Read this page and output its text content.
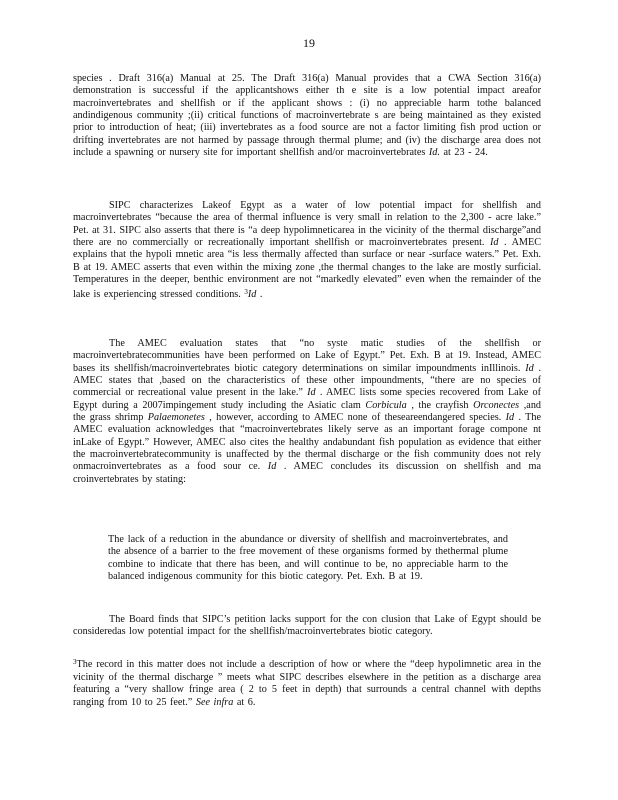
19
species . Draft 316(a) Manual at 25. The Draft 316(a) Manual provides that a CWA Section 316(a) demonstration is successful if the applicantshows either th e site is a low potential impact areafor macroinvertebrates and shellfish or if the applicant shows : (i) no appreciable harm tothe balanced andindigenous community ;(ii) critical functions of macroinvertebrate s are being maintained as they existed prior to introduction of heat; (iii) invertebrates as a food source are not a factor limiting fish prod uction or drifting invertebrates are not harmed by passage through thermal plume; and (iv) the discharge area does not include a spawning or nursery site for important shellfish and/or macroinvertebrates Id. at 23 - 24.
SIPC characterizes Lakeof Egypt as a water of low potential impact for shellfish and macroinvertebrates “because the area of thermal influence is very small in relation to the 2,300 - acre lake.” Pet. at 31. SIPC also asserts that there is “a deep hypolimneticarea in the vicinity of the thermal discharge”and there are no commercially or recreationally important shellfish or macroinvertebrates present. Id . AMEC explains that the hypoli mnetic area “is less thermally affected than surface or near -surface waters.” Pet. Exh. B at 19. AMEC asserts that even within the mixing zone ,the thermal changes to the lake are mostly surficial. Temperatures in the deeper, benthic environment are not “markedly elevated” even when the remainder of the lake is experiencing stressed conditions. $^3$Id .
The AMEC evaluation states that “no syste matic studies of the shellfish or macroinvertebratecommunities have been performed on Lake of Egypt.” Pet. Exh. B at 19. Instead, AMEC bases its shellfish/macroinvertebrates biotic category determinations on similar impoundments inIllinois. Id . AMEC states that ,based on the characteristics of these other impoundments, “there are no species of commercial or recreational value present in the lake.” Id . AMEC lists some species recovered from Lake of Egypt during a 2007impingement study including the Asiatic clam Corbicula , the crayfish Orconectes ,and the grass shrimp Palaemonetes , however, according to AMEC none of theseareendangered species. Id . The AMEC evaluation acknowledges that “macroinvertebrates likely serve as an important forage compone nt inLake of Egypt.” However, AMEC also cites the healthy andabundant fish population as evidence that either the macroinvertebratecommunity is unaffected by the thermal discharge or the fish community does not rely onmacroinvertebrates as a food sour ce. Id . AMEC concludes its discussion on shellfish and ma croinvertebrates by stating:
The lack of a reduction in the abundance or diversity of shellfish and macroinvertebrates, and the absence of a barrier to the free movement of these organisms formed by thethermal plume combine to indicate that there has been, and will continue to be, no appreciable harm to the balanced indigenous community for this biotic category. Pet. Exh. B at 19.
The Board finds that SIPC’s petition lacks support for the con clusion that Lake of Egypt should be consideredas low potential impact for the shellfish/macroinvertebrates biotic category.
$^3$The record in this matter does not include a description of how or where the “deep hypolimnetic area in the vicinity of the thermal discharge ” meets what SIPC describes elsewhere in the petition as a discharge area featuring a “very shallow fringe area ( 2 to 5 feet in depth) that surrounds a central channel with depths ranging from 10 to 25 feet.” See infra at 6.
